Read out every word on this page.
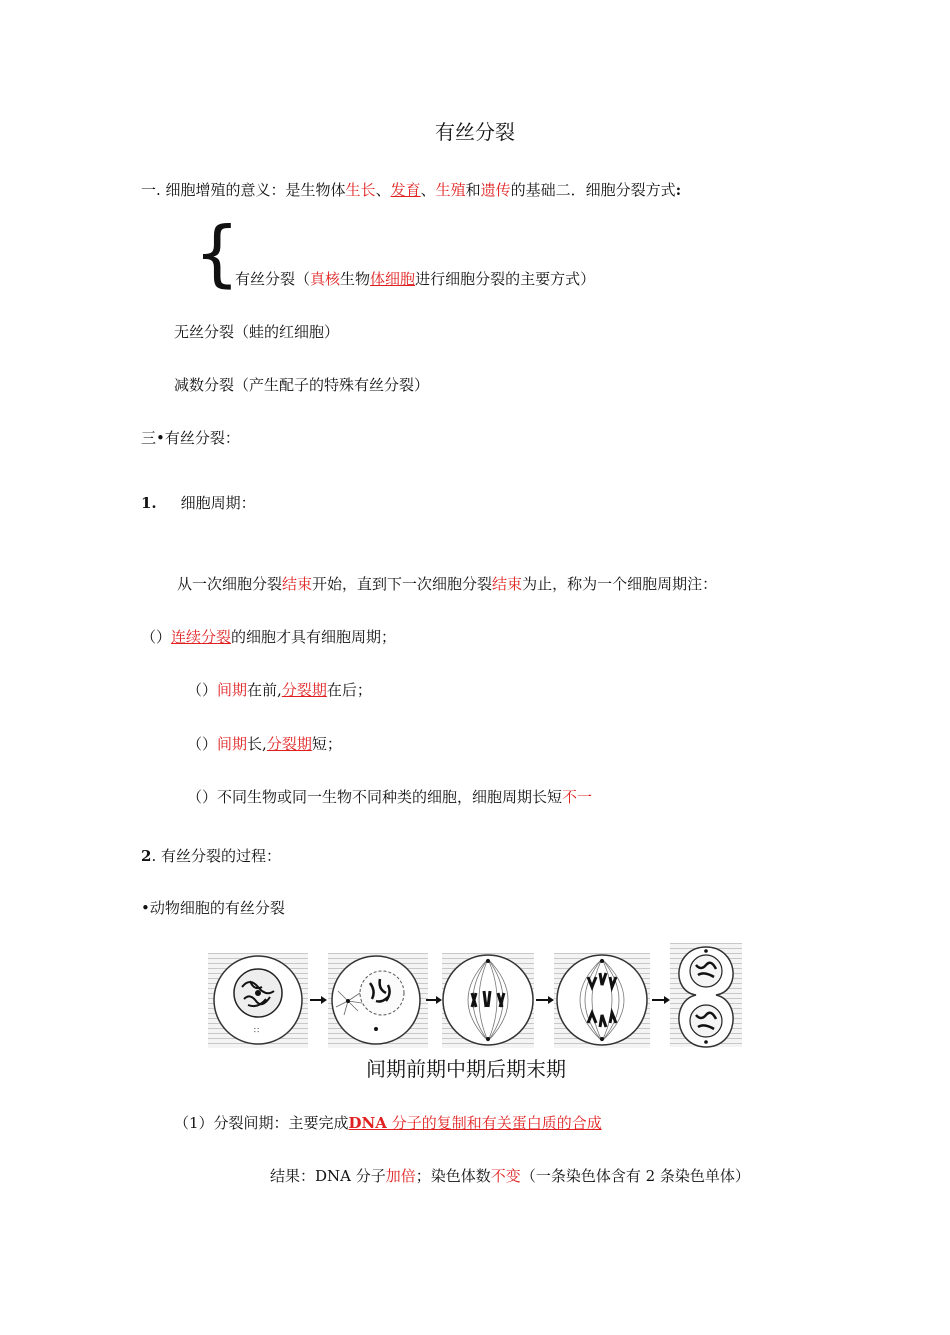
有丝分裂
一. 细胞增殖的意义：是生物体生长、发育、生殖和遗传的基础二．细胞分裂方式:
{
有丝分裂（真核生物体细胞进行细胞分裂的主要方式）
无丝分裂（蛙的红细胞）
减数分裂（产生配子的特殊有丝分裂）
三•有丝分裂：
1. 细胞周期：
从一次细胞分裂结束开始，直到下一次细胞分裂结束为止，称为一个细胞周期注：
（）连续分裂的细胞才具有细胞周期；
（）间期在前,分裂期在后；
（）间期长,分裂期短；
（）不同生物或同一生物不同种类的细胞，细胞周期长短不一
2. 有丝分裂的过程：
•动物细胞的有丝分裂
∷
间期前期中期后期末期
（1）分裂间期：主要完成DNA 分子的复制和有关蛋白质的合成
结果：DNA 分子加倍；染色体数不变（一条染色体含有 2 条染色单体）
